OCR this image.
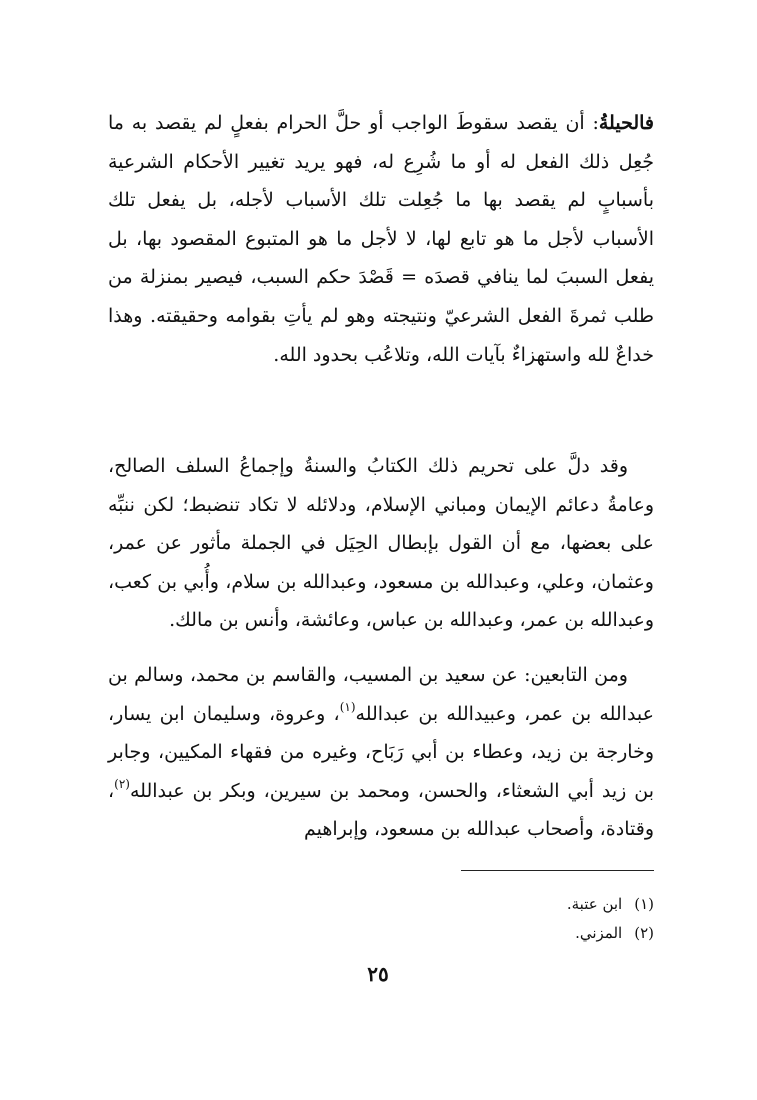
فالحيلةُ: أن يقصد سقوطَ الواجب أو حلَّ الحرام بفعلٍ لم يقصد به ما جُعِل ذلك الفعل له أو ما شُرِع له، فهو يريد تغيير الأحكام الشرعية بأسبابٍ لم يقصد بها ما جُعِلت تلك الأسباب لأجله، بل يفعل تلك الأسباب لأجل ما هو تابع لها، لا لأجل ما هو المتبوع المقصود بها، بل يفعل السببَ لما ينافي قصدَه = قَصْدَ حكم السبب، فيصير بمنزلة من طلب ثمرةَ الفعل الشرعيّ ونتيجته وهو لم يأتِ بقوامه وحقيقته. وهذا خداعٌ لله واستهزاءٌ بآيات الله، وتلاعُب بحدود الله.

وقد دلَّ على تحريم ذلك الكتابُ والسنةُ وإجماعُ السلف الصالح، وعامةُ دعائم الإيمان ومباني الإسلام، ودلائله لا تكاد تنضبط؛ لكن ننبِّه على بعضها، مع أن القول بإبطال الحِيَل في الجملة مأثور عن عمر، وعثمان، وعلي، وعبدالله بن مسعود، وعبدالله بن سلام، وأُبي بن كعب، وعبدالله بن عمر، وعبدالله بن عباس، وعائشة، وأنس بن مالك.

ومن التابعين: عن سعيد بن المسيب، والقاسم بن محمد، وسالم بن عبدالله بن عمر، وعبيدالله بن عبدالله$^{(١)}$، وعروة، وسليمان ابن يسار، وخارجة بن زيد، وعطاء بن أبي رَبَاح، وغيره من فقهاء المكيين، وجابر بن زيد أبي الشعثاء، والحسن، ومحمد بن سيرين، وبكر بن عبدالله$^{(٢)}$، وقتادة، وأصحاب عبدالله بن مسعود، وإبراهيم

(١)ابن عتبة.
(٢)المزني.
٢٥
